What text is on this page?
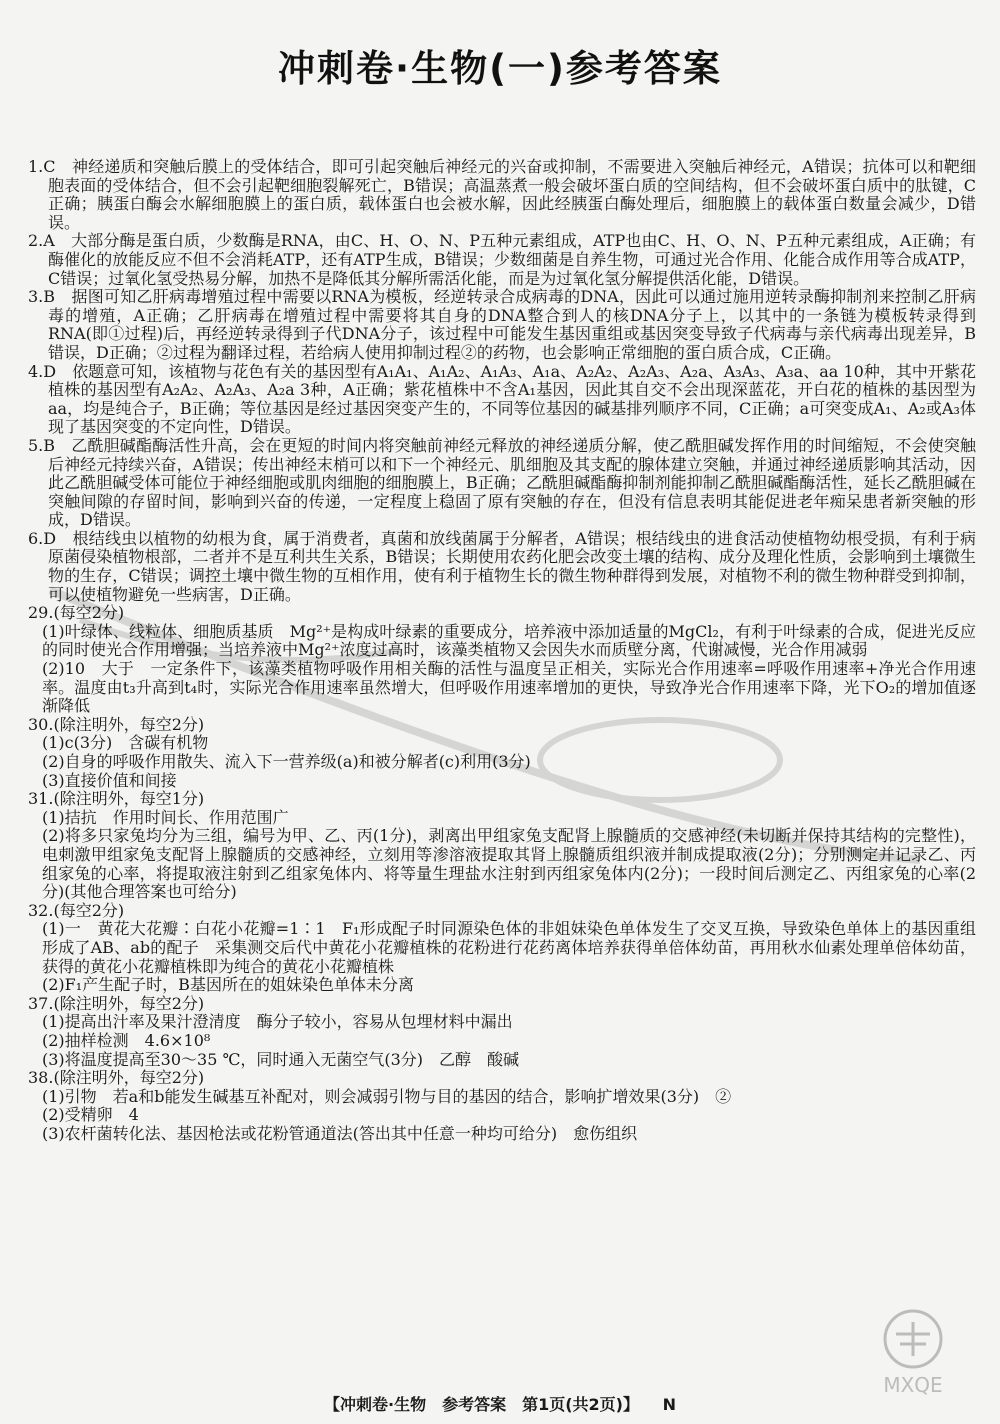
冲刺卷·生物(一)参考答案

1.C　神经递质和突触后膜上的受体结合，即可引起突触后神经元的兴奋或抑制，不需要进入突触后神经元，A错误；抗体可以和靶细胞表面的受体结合，但不会引起靶细胞裂解死亡，B错误；高温蒸煮一般会破坏蛋白质的空间结构，但不会破坏蛋白质中的肽键，C正确；胰蛋白酶会水解细胞膜上的蛋白质，载体蛋白也会被水解，因此经胰蛋白酶处理后，细胞膜上的载体蛋白数量会减少，D错误。

2.A　大部分酶是蛋白质，少数酶是RNA，由C、H、O、N、P五种元素组成，ATP也由C、H、O、N、P五种元素组成，A正确；有酶催化的放能反应不但不会消耗ATP，还有ATP生成，B错误；少数细菌是自养生物，可通过光合作用、化能合成作用等合成ATP，C错误；过氧化氢受热易分解，加热不是降低其分解所需活化能，而是为过氧化氢分解提供活化能，D错误。

3.B　据图可知乙肝病毒增殖过程中需要以RNA为模板，经逆转录合成病毒的DNA，因此可以通过施用逆转录酶抑制剂来控制乙肝病毒的增殖，A正确；乙肝病毒在增殖过程中需要将其自身的DNA整合到人的核DNA分子上，以其中的一条链为模板转录得到RNA(即①过程)后，再经逆转录得到子代DNA分子，该过程中可能发生基因重组或基因突变导致子代病毒与亲代病毒出现差异，B错误，D正确；②过程为翻译过程，若给病人使用抑制过程②的药物，也会影响正常细胞的蛋白质合成，C正确。

4.D　依题意可知，该植物与花色有关的基因型有A₁A₁、A₁A₂、A₁A₃、A₁a、A₂A₂、A₂A₃、A₂a、A₃A₃、A₃a、aa 10种，其中开紫花植株的基因型有A₂A₂、A₂A₃、A₂a 3种，A正确；紫花植株中不含A₁基因，因此其自交不会出现深蓝花，开白花的植株的基因型为aa，均是纯合子，B正确；等位基因是经过基因突变产生的，不同等位基因的碱基排列顺序不同，C正确；a可突变成A₁、A₂或A₃体现了基因突变的不定向性，D错误。

5.B　乙酰胆碱酯酶活性升高，会在更短的时间内将突触前神经元释放的神经递质分解，使乙酰胆碱发挥作用的时间缩短，不会使突触后神经元持续兴奋，A错误；传出神经末梢可以和下一个神经元、肌细胞及其支配的腺体建立突触，并通过神经递质影响其活动，因此乙酰胆碱受体可能位于神经细胞或肌肉细胞的细胞膜上，B正确；乙酰胆碱酯酶抑制剂能抑制乙酰胆碱酯酶活性，延长乙酰胆碱在突触间隙的存留时间，影响到兴奋的传递，一定程度上稳固了原有突触的存在，但没有信息表明其能促进老年痴呆患者新突触的形成，D错误。

6.D　根结线虫以植物的幼根为食，属于消费者，真菌和放线菌属于分解者，A错误；根结线虫的进食活动使植物幼根受损，有利于病原菌侵染植物根部，二者并不是互利共生关系，B错误；长期使用农药化肥会改变土壤的结构、成分及理化性质，会影响到土壤微生物的生存，C错误；调控土壤中微生物的互相作用，使有利于植物生长的微生物种群得到发展，对植物不利的微生物种群受到抑制，可以使植物避免一些病害，D正确。

29.(每空2分)

(1)叶绿体、线粒体、细胞质基质　Mg²⁺是构成叶绿素的重要成分，培养液中添加适量的MgCl₂，有利于叶绿素的合成，促进光反应的同时使光合作用增强；当培养液中Mg²⁺浓度过高时，该藻类植物又会因失水而质壁分离，代谢减慢，光合作用减弱

(2)10　大于　一定条件下，该藻类植物呼吸作用相关酶的活性与温度呈正相关，实际光合作用速率=呼吸作用速率+净光合作用速率。温度由t₃升高到t₄时，实际光合作用速率虽然增大，但呼吸作用速率增加的更快，导致净光合作用速率下降，光下O₂的增加值逐渐降低

30.(除注明外，每空2分)

(1)c(3分)　含碳有机物

(2)自身的呼吸作用散失、流入下一营养级(a)和被分解者(c)利用(3分)

(3)直接价值和间接

31.(除注明外，每空1分)

(1)拮抗　作用时间长、作用范围广

(2)将多只家兔均分为三组，编号为甲、乙、丙(1分)，剥离出甲组家兔支配肾上腺髓质的交感神经(未切断并保持其结构的完整性)，电刺激甲组家兔支配肾上腺髓质的交感神经，立刻用等渗溶液提取其肾上腺髓质组织液并制成提取液(2分)；分别测定并记录乙、丙组家兔的心率，将提取液注射到乙组家兔体内、将等量生理盐水注射到丙组家兔体内(2分)；一段时间后测定乙、丙组家兔的心率(2分)(其他合理答案也可给分)

32.(每空2分)

(1)一　黄花大花瓣∶白花小花瓣=1∶1　F₁形成配子时同源染色体的非姐妹染色单体发生了交叉互换，导致染色单体上的基因重组形成了AB、ab的配子　采集测交后代中黄花小花瓣植株的花粉进行花药离体培养获得单倍体幼苗，再用秋水仙素处理单倍体幼苗，获得的黄花小花瓣植株即为纯合的黄花小花瓣植株

(2)F₁产生配子时，B基因所在的姐妹染色单体未分离

37.(除注明外，每空2分)

(1)提高出汁率及果汁澄清度　酶分子较小，容易从包埋材料中漏出

(2)抽样检测　4.6×10⁸

(3)将温度提高至30～35 ℃，同时通入无菌空气(3分)　乙醇　酸碱

38.(除注明外，每空2分)

(1)引物　若a和b能发生碱基互补配对，则会减弱引物与目的基因的结合，影响扩增效果(3分)　②

(2)受精卵　4

(3)农杆菌转化法、基因枪法或花粉管通道法(答出其中任意一种均可给分)　愈伤组织

【冲刺卷·生物　参考答案　第1页(共2页)】 N
MXQE
